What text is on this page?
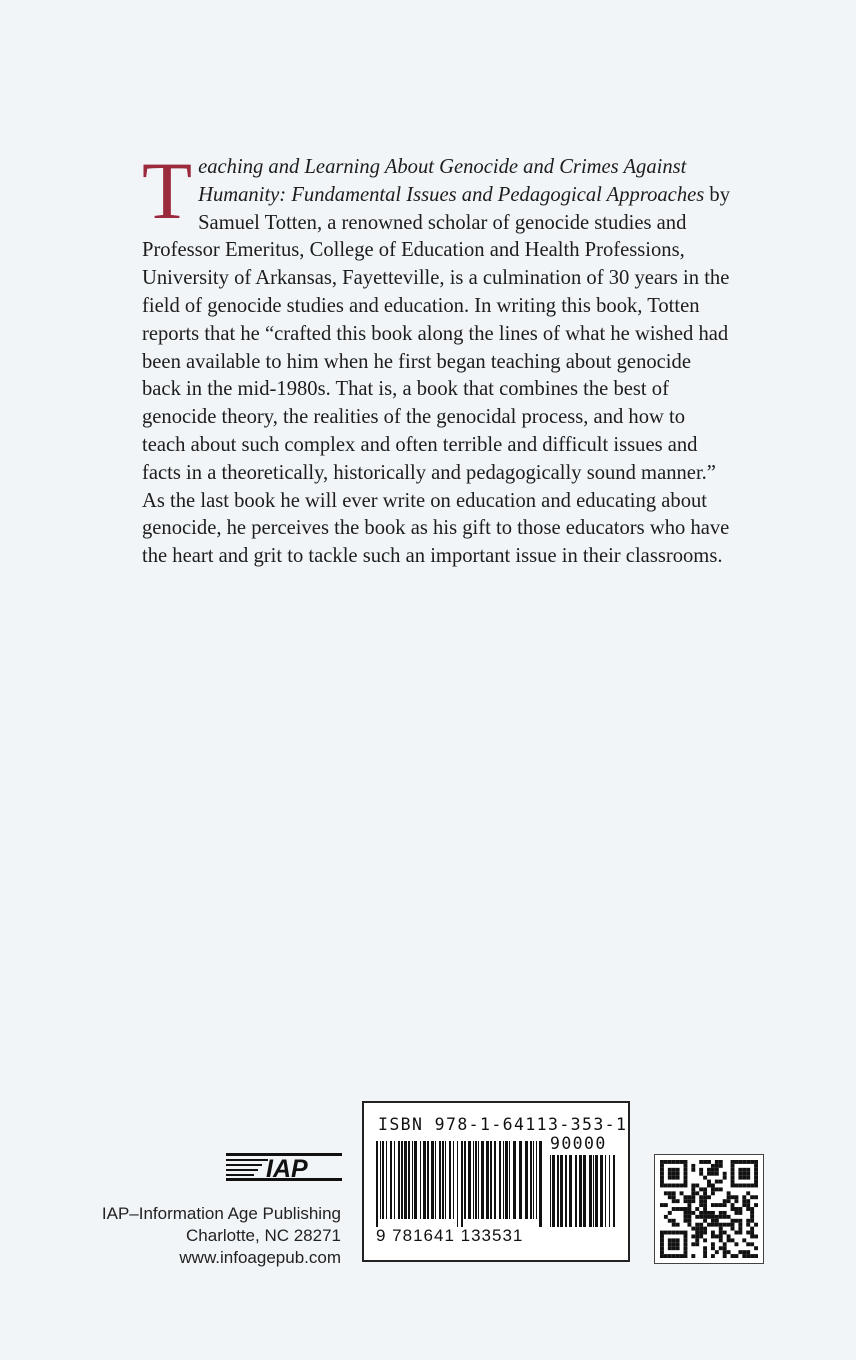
Teaching and Learning About Genocide and Crimes Against Humanity: Fundamental Issues and Pedagogical Approaches by Samuel Totten, a renowned scholar of genocide studies and Professor Emeritus, College of Education and Health Professions, University of Arkansas, Fayetteville, is a culmination of 30 years in the field of genocide studies and education. In writing this book, Totten reports that he “crafted this book along the lines of what he wished had been available to him when he first began teaching about genocide back in the mid-1980s. That is, a book that combines the best of genocide theory, the realities of the genocidal process, and how to teach about such complex and often terrible and difficult issues and facts in a theoretically, historically and pedagogically sound manner.” As the last book he will ever write on education and educating about genocide, he perceives the book as his gift to those educators who have the heart and grit to tackle such an important issue in their classrooms.

IAP
IAP–Information Age Publishing
Charlotte, NC 28271
www.infoagepub.com
ISBN 978-1-64113-353-1
9 781641 133531
90000
